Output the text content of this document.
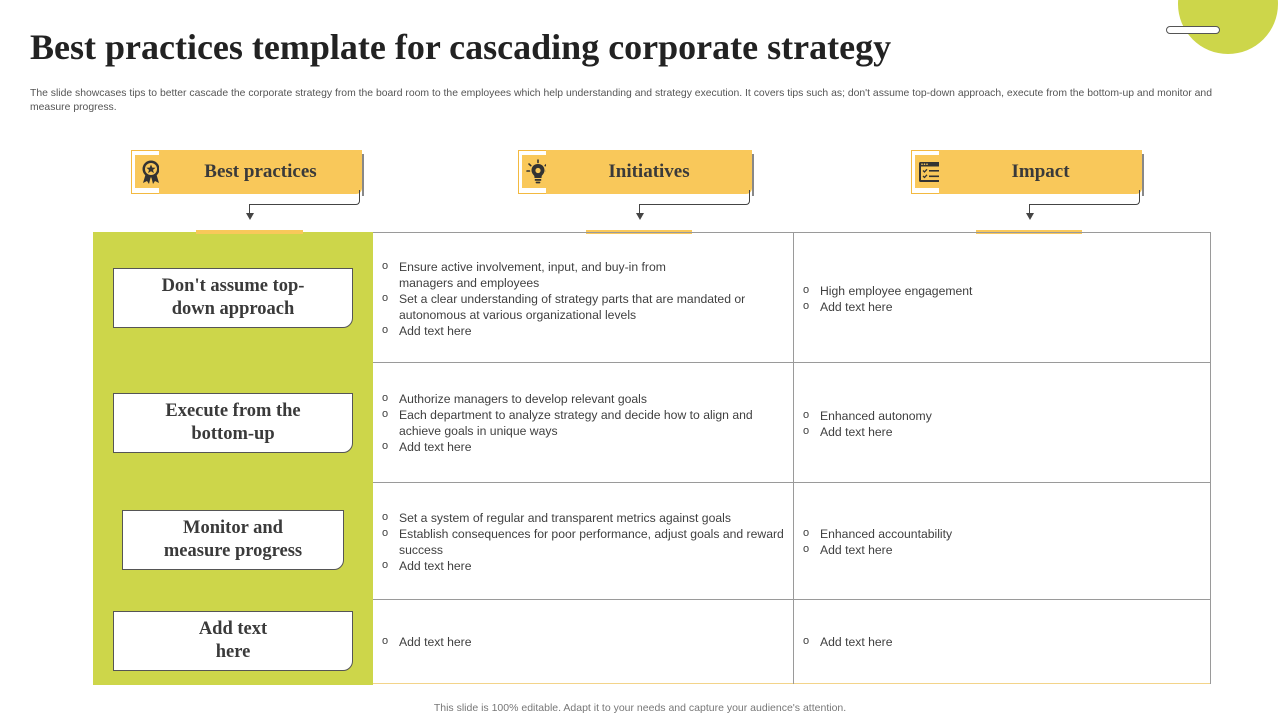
Best practices template for cascading corporate strategy

The slide showcases tips to better cascade the corporate strategy from the board room to the employees which help understanding and strategy execution. It covers tips such as; don't assume top-down approach, execute from the bottom-up and monitor and measure progress.

Best practices	Initiatives	Impact
Don't assume top-down approach
Execute from the bottom-up
Monitor and measure progress
Add text here
o Ensure active involvement, input, and buy-in from managers and employees
o Set a clear understanding of strategy parts that are mandated or autonomous at various organizational levels
o Add text here
o Authorize managers to develop relevant goals
o Each department to analyze strategy and decide how to align and achieve goals in unique ways
o Add text here
o Set a system of regular and transparent metrics against goals
o Establish consequences for poor performance, adjust goals and reward success
o Add text here
o Add text here
o High employee engagement
o Add text here
o Enhanced autonomy
o Add text here
o Enhanced accountability
o Add text here
o Add text here
This slide is 100% editable. Adapt it to your needs and capture your audience's attention.
